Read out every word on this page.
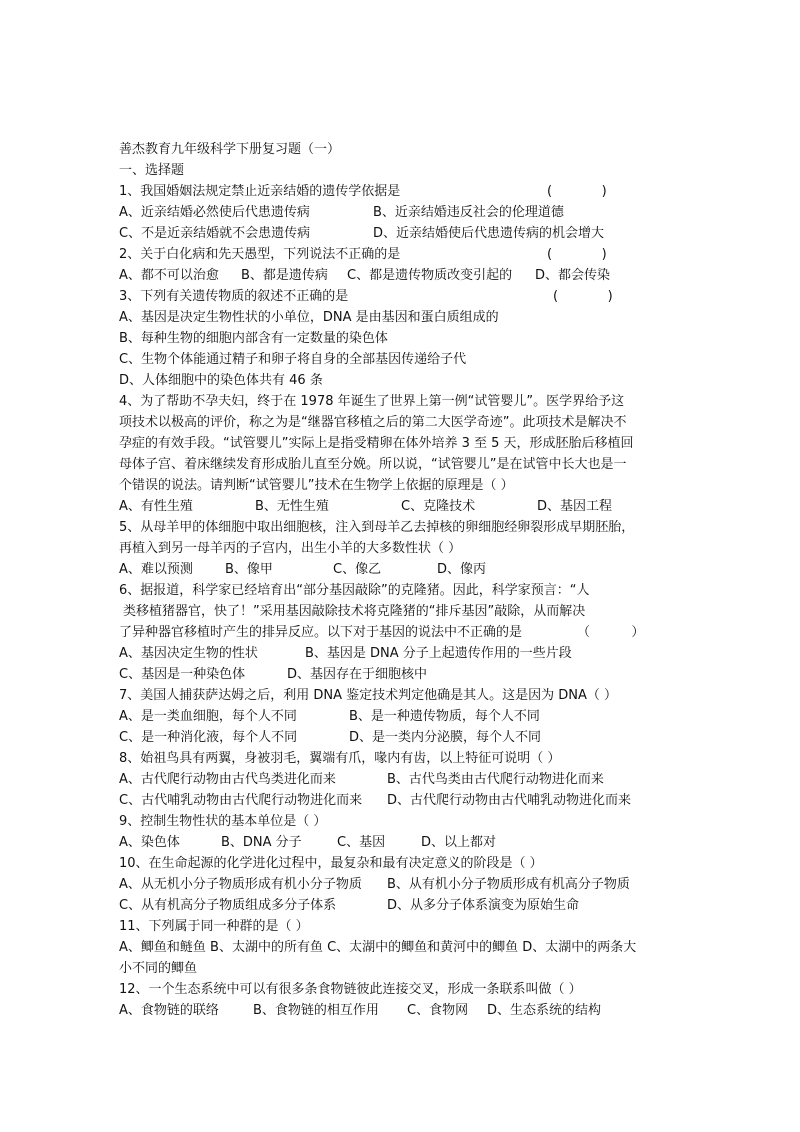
善杰教育九年级科学下册复习题（一）
一、选择题
1、我国婚姻法规定禁止近亲结婚的遗传学依据是	(            )
A、近亲结婚必然使后代患遗传病	B、近亲结婚违反社会的伦理道德
C、不是近亲结婚就不会患遗传病	D、近亲结婚使后代患遗传病的机会增大
2、关于白化病和先天愚型，下列说法不正确的是	(            )
A、都不可以治愈 B、都是遗传病 C、都是遗传物质改变引起的 D、都会传染
3、下列有关遗传物质的叙述不正确的是	(            )
A、基因是决定生物性状的小单位，DNA 是由基因和蛋白质组成的
B、每种生物的细胞内部含有一定数量的染色体
C、生物个体能通过精子和卵子将自身的全部基因传递给子代
D、人体细胞中的染色体共有 46 条
4、为了帮助不孕夫妇，终于在 1978 年诞生了世界上第一例“试管婴儿”。医学界给予这
项技术以极高的评价，称之为是“继器官移植之后的第二大医学奇迹”。此项技术是解决不
孕症的有效手段。“试管婴儿”实际上是指受精卵在体外培养 3 至 5 天，形成胚胎后移植回
母体子宫、着床继续发育形成胎儿直至分娩。所以说，“试管婴儿”是在试管中长大也是一
个错误的说法。请判断“试管婴儿”技术在生物学上依据的原理是（ ）
A、有性生殖	B、无性生殖	C、克隆技术	D、基因工程
5、从母羊甲的体细胞中取出细胞核，注入到母羊乙去掉核的卵细胞经卵裂形成早期胚胎，
再植入到另一母羊丙的子宫内，出生小羊的大多数性状（ ）
A、难以预测 B、像甲	C、像乙	D、像丙
6、据报道，科学家已经培育出“部分基因敲除”的克隆猪。因此，科学家预言：“人
类移植猪器官，快了！”采用基因敲除技术将克隆猪的“排斥基因”敲除，从而解决
了异种器官移植时产生的排异反应。以下对于基因的说法中不正确的是	（          ）
A、基因决定生物的性状	B、基因是 DNA 分子上起遗传作用的一些片段
C、基因是一种染色体	D、基因存在于细胞核中
7、美国人捕获萨达姆之后，利用 DNA 鉴定技术判定他确是其人。这是因为 DNA（ ）
A、是一类血细胞，每个人不同	B、是一种遗传物质，每个人不同
C、是一种消化液，每个人不同	D、是一类内分泌膜，每个人不同
8、始祖鸟具有两翼，身被羽毛，翼端有爪，喙内有齿，以上特征可说明（ ）
A、古代爬行动物由古代鸟类进化而来	B、古代鸟类由古代爬行动物进化而来
C、古代哺乳动物由古代爬行动物进化而来 D、古代爬行动物由古代哺乳动物进化而来
9、控制生物性状的基本单位是（ ）
A、染色体	B、DNA 分子	C、基因	D、以上都对
10、在生命起源的化学进化过程中，最复杂和最有决定意义的阶段是（ ）
A、从无机小分子物质形成有机小分子物质 B、从有机小分子物质形成有机高分子物质
C、从有机高分子物质组成多分子体系	D、从多分子体系演变为原始生命
11、下列属于同一种群的是（ ）
A、鲫鱼和鲢鱼 B、太湖中的所有鱼 C、太湖中的鲫鱼和黄河中的鲫鱼 D、太湖中的两条大
小不同的鲫鱼
12、一个生态系统中可以有很多条食物链彼此连接交叉，形成一条联系叫做（ ）
A、食物链的联络	B、食物链的相互作用 C、食物网 D、生态系统的结构
